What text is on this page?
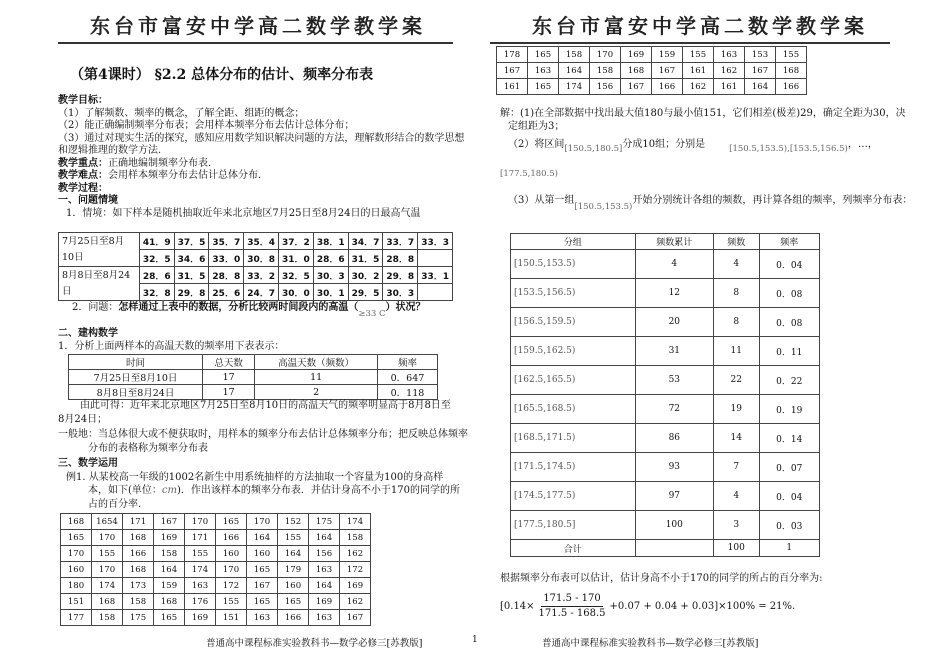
东台市富安中学高二数学教学案
（第4课时） §2.2 总体分布的估计、频率分布表
教学目标：
（1）了解频数、频率的概念，了解全距、组距的概念；
（2）能正确编制频率分布表；会用样本频率分布去估计总体分布；
（3）通过对现实生活的探究，感知应用数学知识解决问题的方法，理解数形结合的数学思想
和逻辑推理的数学方法.
教学重点：正确地编制频率分布表.
教学难点：会用样本频率分布去估计总体分布.
教学过程：
一、问题情境
1．情境：如下样本是随机抽取近年来北京地区7月25日至8月24日的日最高气温
7月25日至8月10日	41．9	37．5	35．7	35．4	37．2	38．1	34．7	33．7	33．3
	32．5	34．6	33．0	30．8	31．0	28．6	31．5	28．8	
8月8日至8月24日	28．6	31．5	28．8	33．2	32．5	30．3	30．2	29．8	33．1
	32．8	29．8	25．6	24．7	30．0	30．1	29．5	30．3	
2．问题：怎样通过上表中的数据，分析比较两时间段内的高温$(_{\ge 33 C})$状况？
二、建构数学
1．分析上面两样本的高温天数的频率用下表表示：
时间	总天数	高温天数（频数）	频率
7月25日至8月10日	17	11	0．647
8月8日至8月24日	17	2	0．118
由此可得：近年来北京地区7月25日至8月10日的高温天气的频率明显高于8月8日至
8月24日；
一般地：当总体很大或不便获取时，用样本的频率分布去估计总体频率分布；把反映总体频率
分布的表格称为频率分布表
三、数学运用
例1. 从某校高一年级的1002名新生中用系统抽样的方法抽取一个容量为100的身高样
本，如下(单位：cm)．作出该样本的频率分布表．并估计身高不小于170的同学的所
占的百分率.
168	1654	171	167	170	165	170	152	175	174
165	170	168	169	171	166	164	155	164	158
170	155	166	158	155	160	160	164	156	162
160	170	168	164	174	170	165	179	163	172
180	174	173	159	163	172	167	160	164	169
151	168	158	168	176	155	165	165	169	162
177	158	175	165	169	151	163	166	163	167
普通高中课程标准实验教科书—数学必修三[苏教版]	1
东台市富安中学高二数学教学案
178	165	158	170	169	159	155	163	153	155
167	163	164	158	168	167	161	162	167	168
161	165	174	156	167	166	162	161	164	166
解：(1)在全部数据中找出最大值180与最小值151，它们相差(极差)29，确定全距为30，决
定组距为3；
（2）将区间$_{[150.5,180.5]}$分成10组；分别是	$_{[150.5,153.5),[153.5,156.5)}$，…，
[177.5,180.5)
（3）从第一组$_{[150.5,153.5)}$开始分别统计各组的频数，再计算各组的频率，列频率分布表：
分组	频数累计	频数	频率
[150.5,153.5)	4	4	0．04
[153.5,156.5)	12	8	0．08
[156.5,159.5)	20	8	0．08
[159.5,162.5)	31	11	0．11
[162.5,165.5)	53	22	0．22
[165.5,168.5)	72	19	0．19
[168.5,171.5)	86	14	0．14
[171.5,174.5)	93	7	0．07
[174.5,177.5)	97	4	0．04
[177.5,180.5]	100	3	0．03
合计		100	1
根据频率分布表可以估计，估计身高不小于170的同学的所占的百分率为:
$[0.14\times \frac{171.5 - 170}{171.5 - 168.5} +0.07 + 0.04 + 0.03]\times 100\% = 21\%$.
普通高中课程标准实验教科书—数学必修三[苏教版]
